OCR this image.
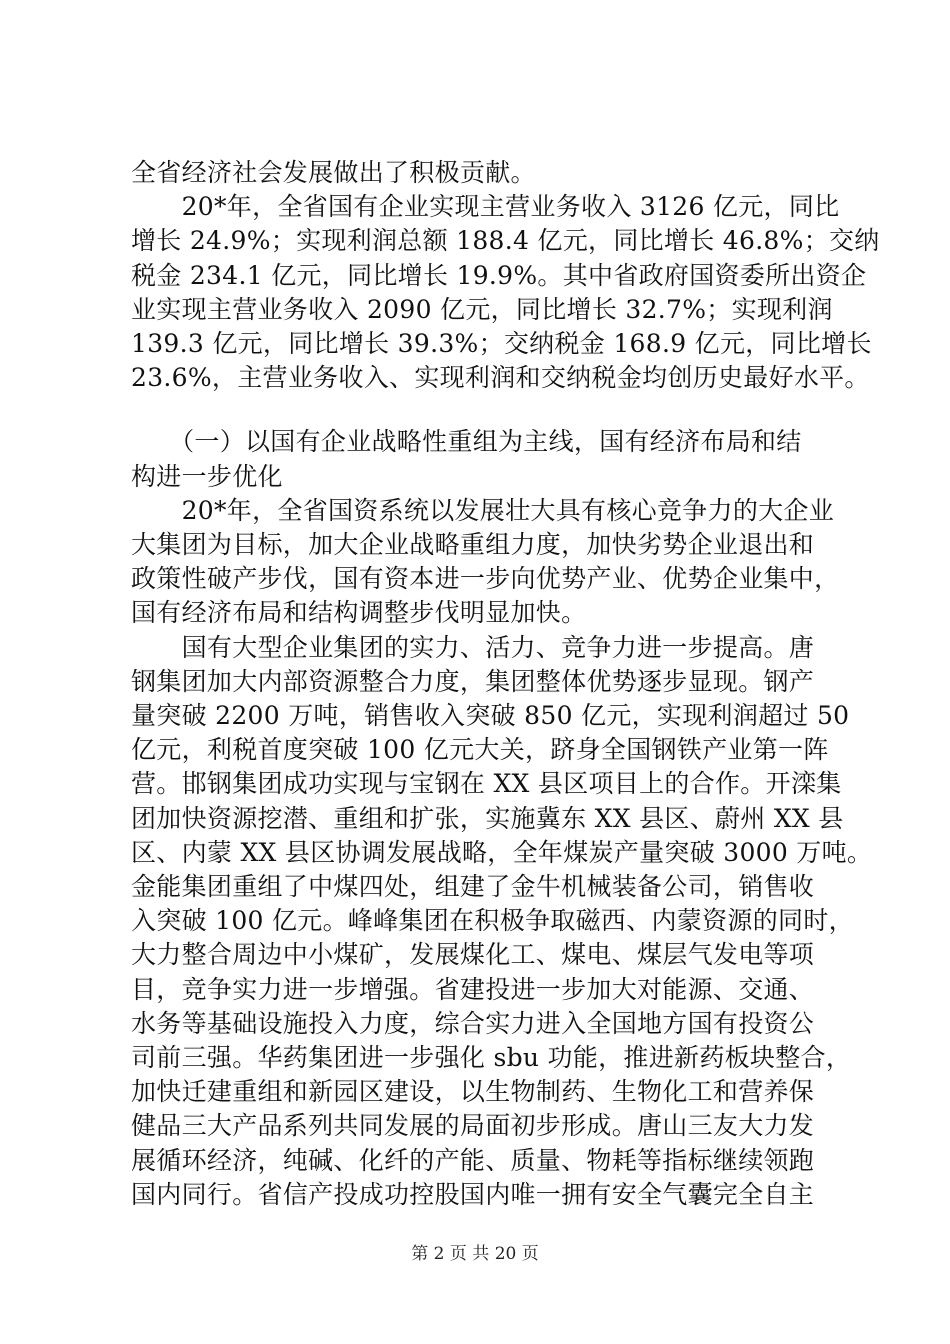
全省经济社会发展做出了积极贡献。
　　20*年，全省国有企业实现主营业务收入 3126 亿元，同比
增长 24.9%；实现利润总额 188.4 亿元，同比增长 46.8%；交纳
税金 234.1 亿元，同比增长 19.9%。其中省政府国资委所出资企
业实现主营业务收入 2090 亿元，同比增长 32.7%；实现利润
139.3 亿元，同比增长 39.3%；交纳税金 168.9 亿元，同比增长
23.6%，主营业务收入、实现利润和交纳税金均创历史最好水平。
　　（一）以国有企业战略性重组为主线，国有经济布局和结
构进一步优化
　　20*年，全省国资系统以发展壮大具有核心竞争力的大企业
大集团为目标，加大企业战略重组力度，加快劣势企业退出和
政策性破产步伐，国有资本进一步向优势产业、优势企业集中，
国有经济布局和结构调整步伐明显加快。
　　国有大型企业集团的实力、活力、竞争力进一步提高。唐
钢集团加大内部资源整合力度，集团整体优势逐步显现。钢产
量突破 2200 万吨，销售收入突破 850 亿元，实现利润超过 50
亿元，利税首度突破 100 亿元大关，跻身全国钢铁产业第一阵
营。邯钢集团成功实现与宝钢在 XX 县区项目上的合作。开滦集
团加快资源挖潜、重组和扩张，实施冀东 XX 县区、蔚州 XX 县
区、内蒙 XX 县区协调发展战略，全年煤炭产量突破 3000 万吨。
金能集团重组了中煤四处，组建了金牛机械装备公司，销售收
入突破 100 亿元。峰峰集团在积极争取磁西、内蒙资源的同时，
大力整合周边中小煤矿，发展煤化工、煤电、煤层气发电等项
目，竞争实力进一步增强。省建投进一步加大对能源、交通、
水务等基础设施投入力度，综合实力进入全国地方国有投资公
司前三强。华药集团进一步强化 sbu 功能，推进新药板块整合，
加快迁建重组和新园区建设，以生物制药、生物化工和营养保
健品三大产品系列共同发展的局面初步形成。唐山三友大力发
展循环经济，纯碱、化纤的产能、质量、物耗等指标继续领跑
国内同行。省信产投成功控股国内唯一拥有安全气囊完全自主
第 2 页 共 20 页
